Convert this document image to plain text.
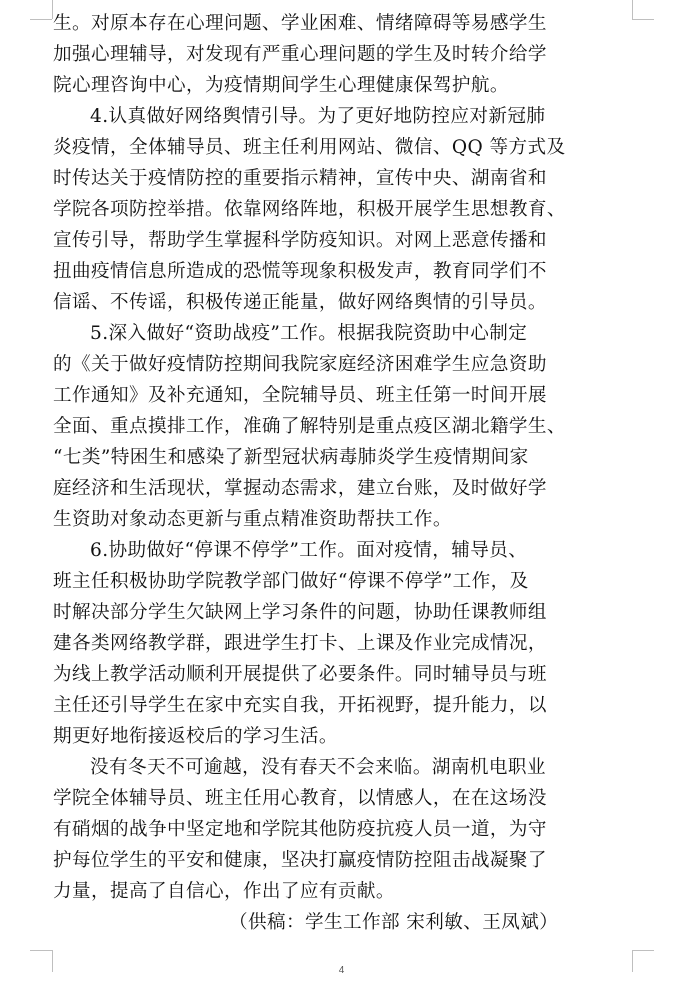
生。对原本存在心理问题、学业困难、情绪障碍等易感学生
加强心理辅导，对发现有严重心理问题的学生及时转介给学
院心理咨询中心，为疫情期间学生心理健康保驾护航。
4.认真做好网络舆情引导。为了更好地防控应对新冠肺
炎疫情，全体辅导员、班主任利用网站、微信、QQ 等方式及
时传达关于疫情防控的重要指示精神，宣传中央、湖南省和
学院各项防控举措。依靠网络阵地，积极开展学生思想教育、
宣传引导，帮助学生掌握科学防疫知识。对网上恶意传播和
扭曲疫情信息所造成的恐慌等现象积极发声，教育同学们不
信谣、不传谣，积极传递正能量，做好网络舆情的引导员。
5.深入做好“资助战疫”工作。根据我院资助中心制定
的《关于做好疫情防控期间我院家庭经济困难学生应急资助
工作通知》及补充通知，全院辅导员、班主任第一时间开展
全面、重点摸排工作，准确了解特别是重点疫区湖北籍学生、
“七类”特困生和感染了新型冠状病毒肺炎学生疫情期间家
庭经济和生活现状，掌握动态需求，建立台账，及时做好学
生资助对象动态更新与重点精准资助帮扶工作。
6.协助做好“停课不停学”工作。面对疫情，辅导员、
班主任积极协助学院教学部门做好“停课不停学”工作，及
时解决部分学生欠缺网上学习条件的问题，协助任课教师组
建各类网络教学群，跟进学生打卡、上课及作业完成情况，
为线上教学活动顺利开展提供了必要条件。同时辅导员与班
主任还引导学生在家中充实自我，开拓视野，提升能力，以
期更好地衔接返校后的学习生活。
没有冬天不可逾越，没有春天不会来临。湖南机电职业
学院全体辅导员、班主任用心教育，以情感人，在在这场没
有硝烟的战争中坚定地和学院其他防疫抗疫人员一道，为守
护每位学生的平安和健康，坚决打赢疫情防控阻击战凝聚了
力量，提高了自信心，作出了应有贡献。
（供稿：学生工作部 宋利敏、王凤斌）
4
